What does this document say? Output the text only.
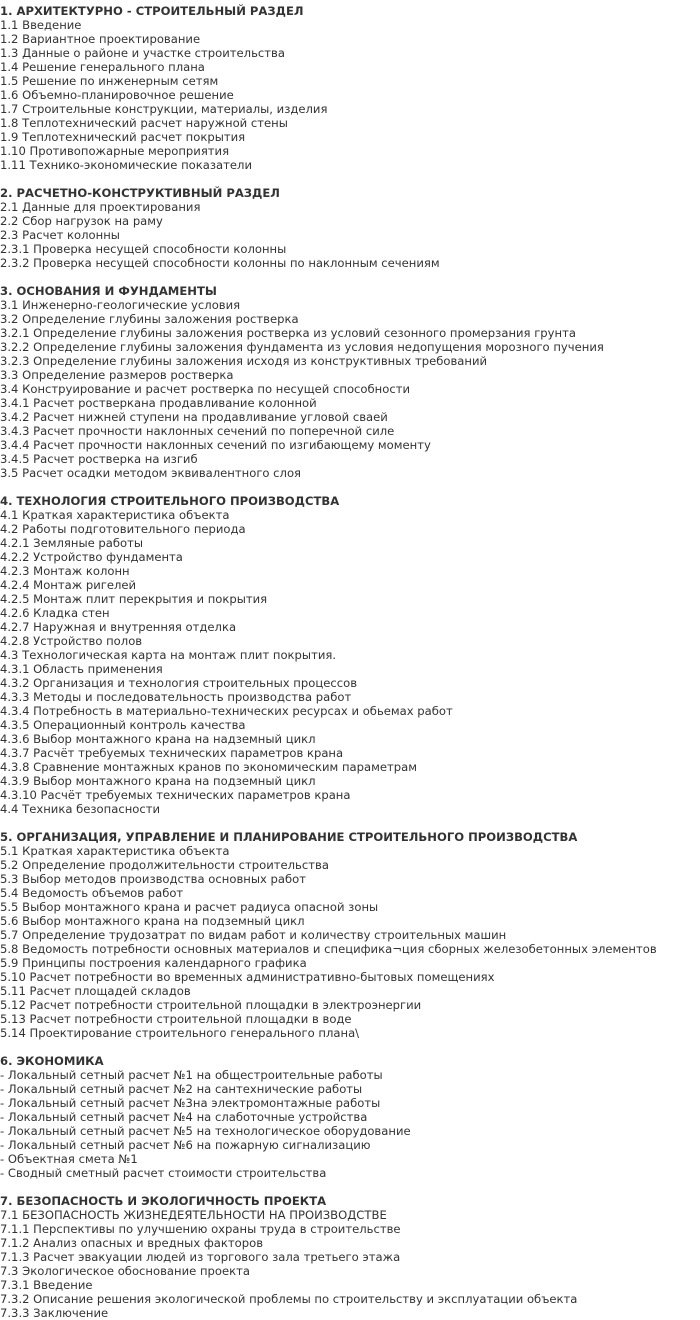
1. АРХИТЕКТУРНО - СТРОИТЕЛЬНЫЙ РАЗДЕЛ
1.1 Введение
1.2 Вариантное проектирование
1.3 Данные о районе и участке строительства
1.4 Решение генерального плана
1.5 Решение по инженерным сетям
1.6 Объемно-планировочное решение
1.7 Строительные конструкции, материалы, изделия
1.8 Теплотехнический расчет наружной стены
1.9 Теплотехнический расчет покрытия
1.10 Противопожарные мероприятия
1.11 Технико-экономические показатели
2. РАСЧЕТНО-КОНСТРУКТИВНЫЙ РАЗДЕЛ
2.1 Данные для проектирования
2.2 Сбор нагрузок на раму
2.3 Расчет колонны
2.3.1 Проверка несущей способности колонны
2.3.2 Проверка несущей способности колонны по наклонным сечениям
3. ОСНОВАНИЯ И ФУНДАМЕНТЫ
3.1 Инженерно-геологические условия
3.2 Определение глубины заложения ростверка
3.2.1 Определение глубины заложения ростверка из условий сезонного промерзания грунта
3.2.2 Определение глубины заложения фундамента из условия недопущения морозного пучения
3.2.3 Определение глубины заложения исходя из конструктивных требований
3.3 Определение размеров ростверка
3.4 Конструирование и расчет ростверка по несущей способности
3.4.1 Расчет ростверкана продавливание колонной
3.4.2 Расчет нижней ступени на продавливание угловой сваей
3.4.3 Расчет прочности наклонных сечений по поперечной силе
3.4.4 Расчет прочности наклонных сечений по изгибающему моменту
3.4.5 Расчет ростверка на изгиб
3.5 Расчет осадки методом эквивалентного слоя
4. ТЕХНОЛОГИЯ СТРОИТЕЛЬНОГО ПРОИЗВОДСТВА
4.1 Краткая характеристика объекта
4.2 Работы подготовительного периода
4.2.1 Земляные работы
4.2.2 Устройство фундамента
4.2.3 Монтаж колонн
4.2.4 Монтаж ригелей
4.2.5 Монтаж плит перекрытия и покрытия
4.2.6 Кладка стен
4.2.7 Наружная и внутренняя отделка
4.2.8 Устройство полов
4.3 Технологическая карта на монтаж плит покрытия.
4.3.1 Область применения
4.3.2 Организация и технология строительных процессов
4.3.3 Методы и последовательность производства работ
4.3.4 Потребность в материально-технических ресурсах и обьемах работ
4.3.5 Операционный контроль качества
4.3.6 Выбор монтажного крана на надземный цикл
4.3.7 Расчёт требуемых технических параметров крана
4.3.8 Сравнение монтажных кранов по экономическим параметрам
4.3.9 Выбор монтажного крана на подземный цикл
4.3.10 Расчёт требуемых технических параметров крана
4.4 Техника безопасности
5. ОРГАНИЗАЦИЯ, УПРАВЛЕНИЕ И ПЛАНИРОВАНИЕ СТРОИТЕЛЬНОГО ПРОИЗВОДСТВА
5.1 Краткая характеристика объекта
5.2 Определение продолжительности строительства
5.3 Выбор методов производства основных работ
5.4 Ведомость объемов работ
5.5 Выбор монтажного крана и расчет радиуса опасной зоны
5.6 Выбор монтажного крана на подземный цикл
5.7 Определение трудозатрат по видам работ и количеству строительных машин
5.8 Ведомость потребности основных материалов и специфика¬ция сборных железобетонных элементов
5.9 Принципы построения календарного графика
5.10 Расчет потребности во временных административно-бытовых помещениях
5.11 Расчет площадей складов
5.12 Расчет потребности строительной площадки в электроэнергии
5.13 Расчет потребности строительной площадки в воде
5.14 Проектирование строительного генерального плана\
6. ЭКОНОМИКА
- Локальный сетный расчет №1 на общестроительные работы
- Локальный сетный расчет №2 на сантехнические работы
- Локальный сетный расчет №3на электромонтажные работы
- Локальный сетный расчет №4 на слаботочные устройства
- Локальный сетный расчет №5 на технологическое оборудование
- Локальный сетный расчет №6 на пожарную сигнализацию
- Объектная смета №1
- Сводный сметный расчет стоимости строительства
7. БЕЗОПАСНОСТЬ И ЭКОЛОГИЧНОСТЬ ПРОЕКТА
7.1 БЕЗОПАСНОСТЬ ЖИЗНЕДЕЯТЕЛЬНОСТИ НА ПРОИЗВОДСТВЕ
7.1.1 Перспективы по улучшению охраны труда в строительстве
7.1.2 Анализ опасных и вредных факторов
7.1.3 Расчет эвакуации людей из торгового зала третьего этажа
7.3 Экологическое обоснование проекта
7.3.1 Введение
7.3.2 Описание решения экологической проблемы по строительству и эксплуатации объекта
7.3.3 Заключение
